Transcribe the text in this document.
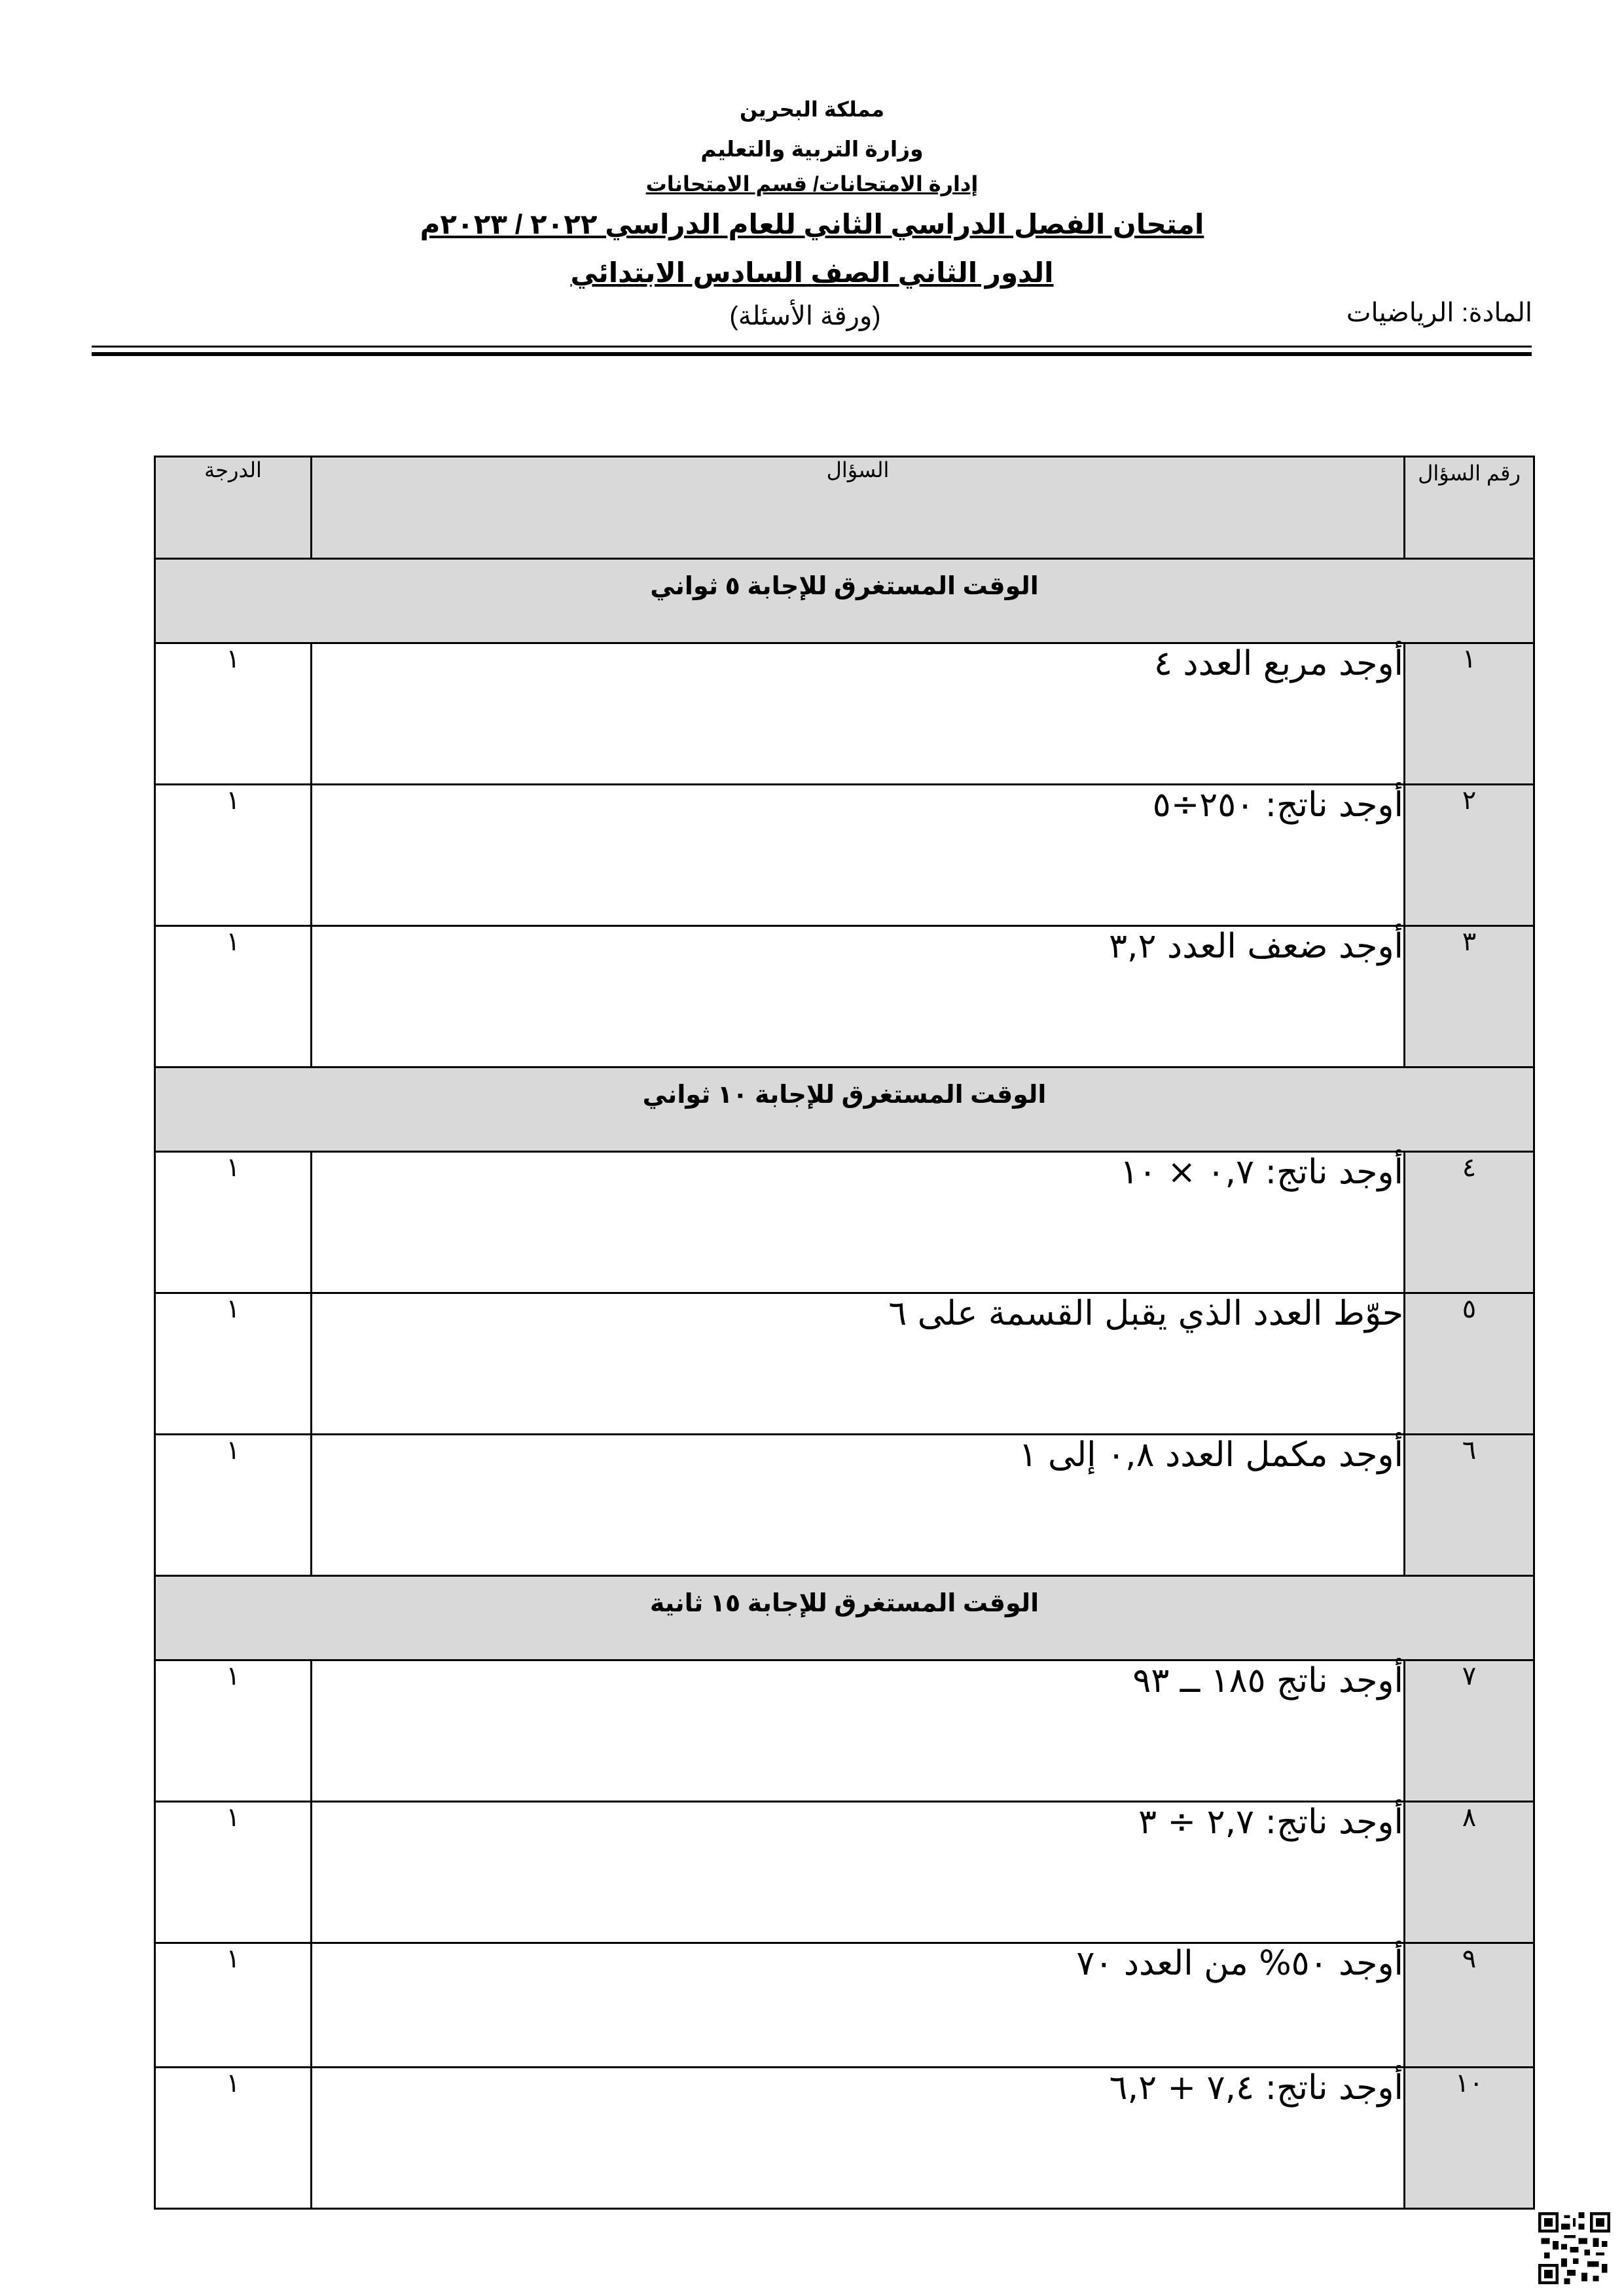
مملكة البحرين
وزارة التربية والتعليم
إدارة الامتحانات/ قسم الامتحانات
امتحان الفصل الدراسي الثاني للعام الدراسي ٢٠٢٢ / ٢٠٢٣م
الدور الثاني الصف السادس الابتدائي
المادة: الرياضيات
(ورقة الأسئلة)
رقم السؤال	السؤال	الدرجة
الوقت المستغرق للإجابة ٥ ثواني		
١	أوجد مربع العدد ٤	١
٢	أوجد ناتج: ٢٥٠÷٥	١
٣	أوجد ضعف العدد ٣,٢	١
الوقت المستغرق للإجابة ١٠ ثواني		
٤	أوجد ناتج: ٠,٧ × ١٠	١
٥	حوّط العدد الذي يقبل القسمة على ٦	١
٦	أوجد مكمل العدد ٠,٨ إلى ١	١
الوقت المستغرق للإجابة ١٥ ثانية		
٧	أوجد ناتج ١٨٥ ــ ٩٣	١
٨	أوجد ناتج: ٢,٧ ÷ ٣	١
٩	أوجد ٥٠% من العدد ٧٠	١
١٠	أوجد ناتج: ٧,٤ + ٦,٢	١
